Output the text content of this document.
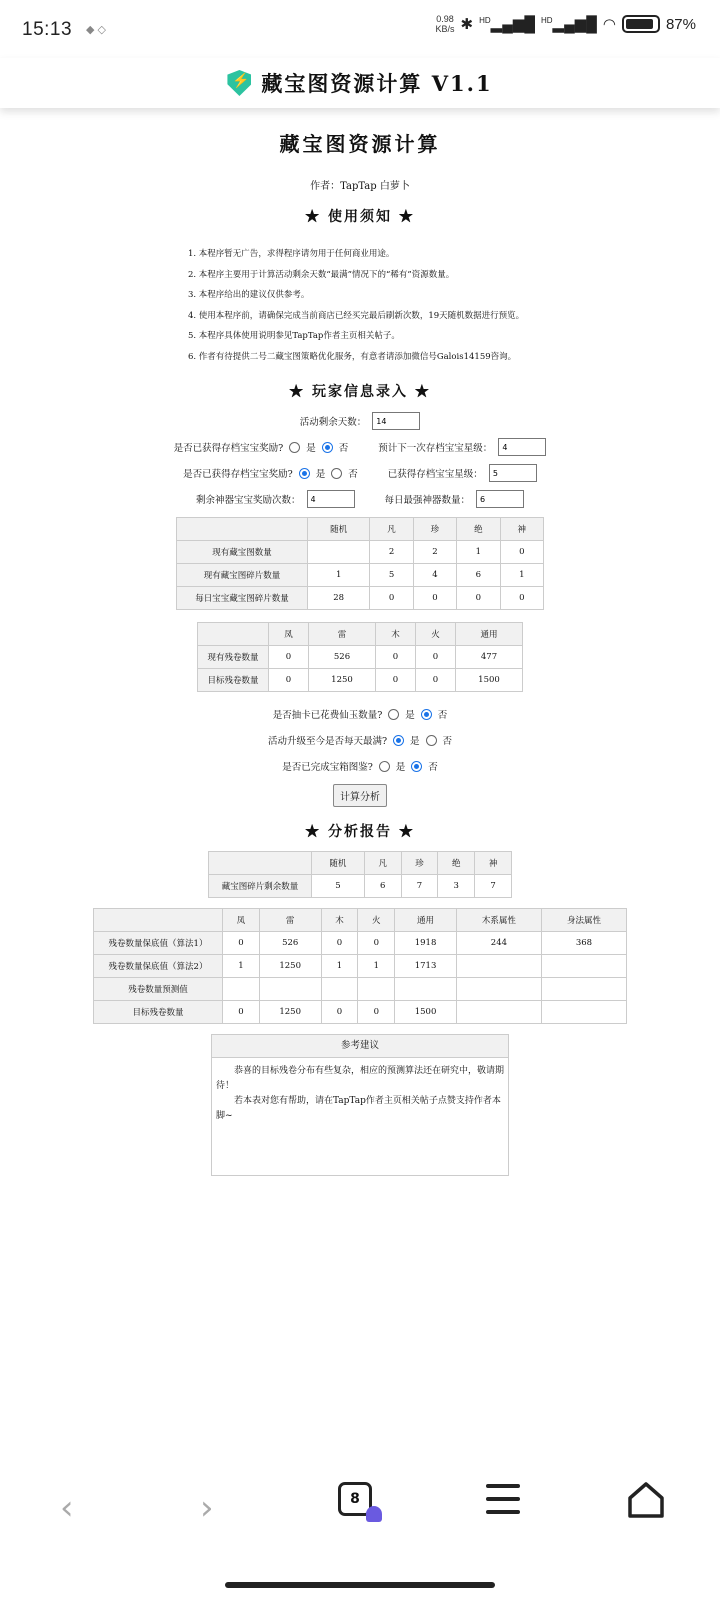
15:13 ◆ ◇
0.98
KB/s ✱ $^{HD}$▂▄▆█ $^{HD}$▂▄▆█ ◠	87%
⚡
藏宝图资源计算 V1.1
藏宝图资源计算
作者：TapTap 白萝卜
★ 使用须知 ★
1. 本程序暂无广告，求得程序请勿用于任何商业用途。
2. 本程序主要用于计算活动剩余天数“最满”情况下的“稀有”资源数量。
3. 本程序给出的建议仅供参考。
4. 使用本程序前，请确保完成当前商店已经买完最后刷新次数，19天随机数据进行预览。
5. 本程序具体使用说明参见TapTap作者主页相关帖子。
6. 作者有待提供二号二藏宝图策略优化服务，有意者请添加微信号Galois14159咨询。
★ 玩家信息录入 ★
活动剩余天数：
14
是否已获得存档宝宝奖励? 是 否	预计下一次存档宝宝星级：
4
是否已获得存档宝宝奖励? 是 否	已获得存档宝宝星级：
5
剩余神器宝宝奖励次数：
4	每日最强神器数量：
6
	随机	凡	珍	绝	神
现有藏宝图数量		2	2	1	0
现有藏宝图碎片数量	1	5	4	6	1
每日宝宝藏宝图碎片数量	28	0	0	0	0
	凤	雷	木	火	通用
现有残卷数量	0	526	0	0	477
目标残卷数量	0	1250	0	0	1500
是否抽卡已花费仙玉数量? 是 否
活动升级至今是否每天最满? 是 否
是否已完成宝箱图鉴? 是 否
计算分析
★ 分析报告 ★
	随机	凡	珍	绝	神
藏宝图碎片剩余数量	5	6	7	3	7
	凤	雷	木	火	通用	木系属性	身法属性
残卷数量保底值（算法1）	0	526	0	0	1918	244	368
残卷数量保底值（算法2）	1	1250	1	1	1713		
残卷数量预测值							
目标残卷数量	0	1250	0	0	1500		
参考建议

恭喜的目标残卷分布有些复杂，相应的预测算法还在研究中，敬请期待！

若本表对您有帮助，请在TapTap作者主页相关帖子点赞支持作者本脚~

‹	›	8
